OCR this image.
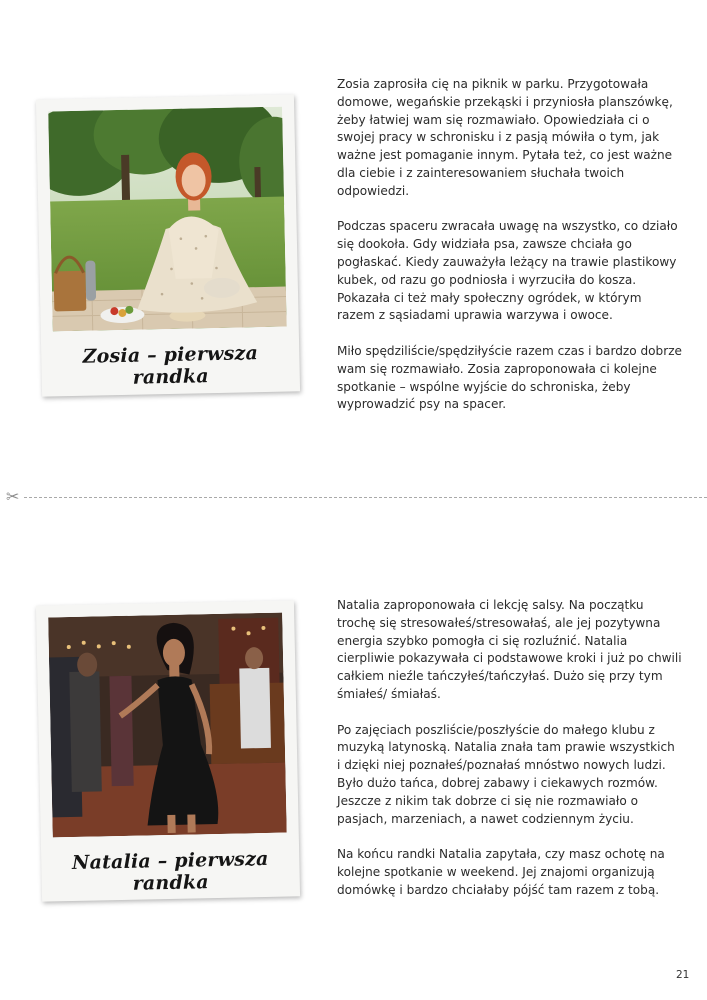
Zosia – pierwsza randka

Zosia zaprosiła cię na piknik w parku. Przygotowała domowe, wegańskie przekąski i przyniosła planszówkę, żeby łatwiej wam się rozmawiało. Opowiedziała ci o swojej pracy w schronisku i z pasją mówiła o tym, jak ważne jest pomaganie innym. Pytała też, co jest ważne dla ciebie i z zainteresowaniem słuchała twoich odpowiedzi.

Podczas spaceru zwracała uwagę na wszystko, co działo się dookoła. Gdy widziała psa, zawsze chciała go pogłaskać. Kiedy zauważyła leżący na trawie plastikowy kubek, od razu go podniosła i wyrzuciła do kosza. Pokazała ci też mały społeczny ogródek, w którym razem z sąsiadami uprawia warzywa i owoce.

Miło spędziliście/spędziłyście razem czas i bardzo dobrze wam się rozmawiało. Zosia zaproponowała ci kolejne spotkanie – wspólne wyjście do schroniska, żeby wyprowadzić psy na spacer.

✂
Natalia – pierwsza randka

Natalia zaproponowała ci lekcję salsy. Na początku trochę się stresowałeś/stresowałaś, ale jej pozytywna energia szybko pomogła ci się rozluźnić. Natalia cierpliwie pokazywała ci podstawowe kroki i już po chwili całkiem nieźle tańczyłeś/tańczyłaś. Dużo się przy tym śmiałeś/ śmiałaś.

Po zajęciach poszliście/poszłyście do małego klubu z muzyką latynoską. Natalia znała tam prawie wszystkich i dzięki niej poznałeś/poznałaś mnóstwo nowych ludzi. Było dużo tańca, dobrej zabawy i ciekawych rozmów. Jeszcze z nikim tak dobrze ci się nie rozmawiało o pasjach, marzeniach, a nawet codziennym życiu.

Na końcu randki Natalia zapytała, czy masz ochotę na kolejne spotkanie w weekend. Jej znajomi organizują domówkę i bardzo chciałaby pójść tam razem z tobą.

21
